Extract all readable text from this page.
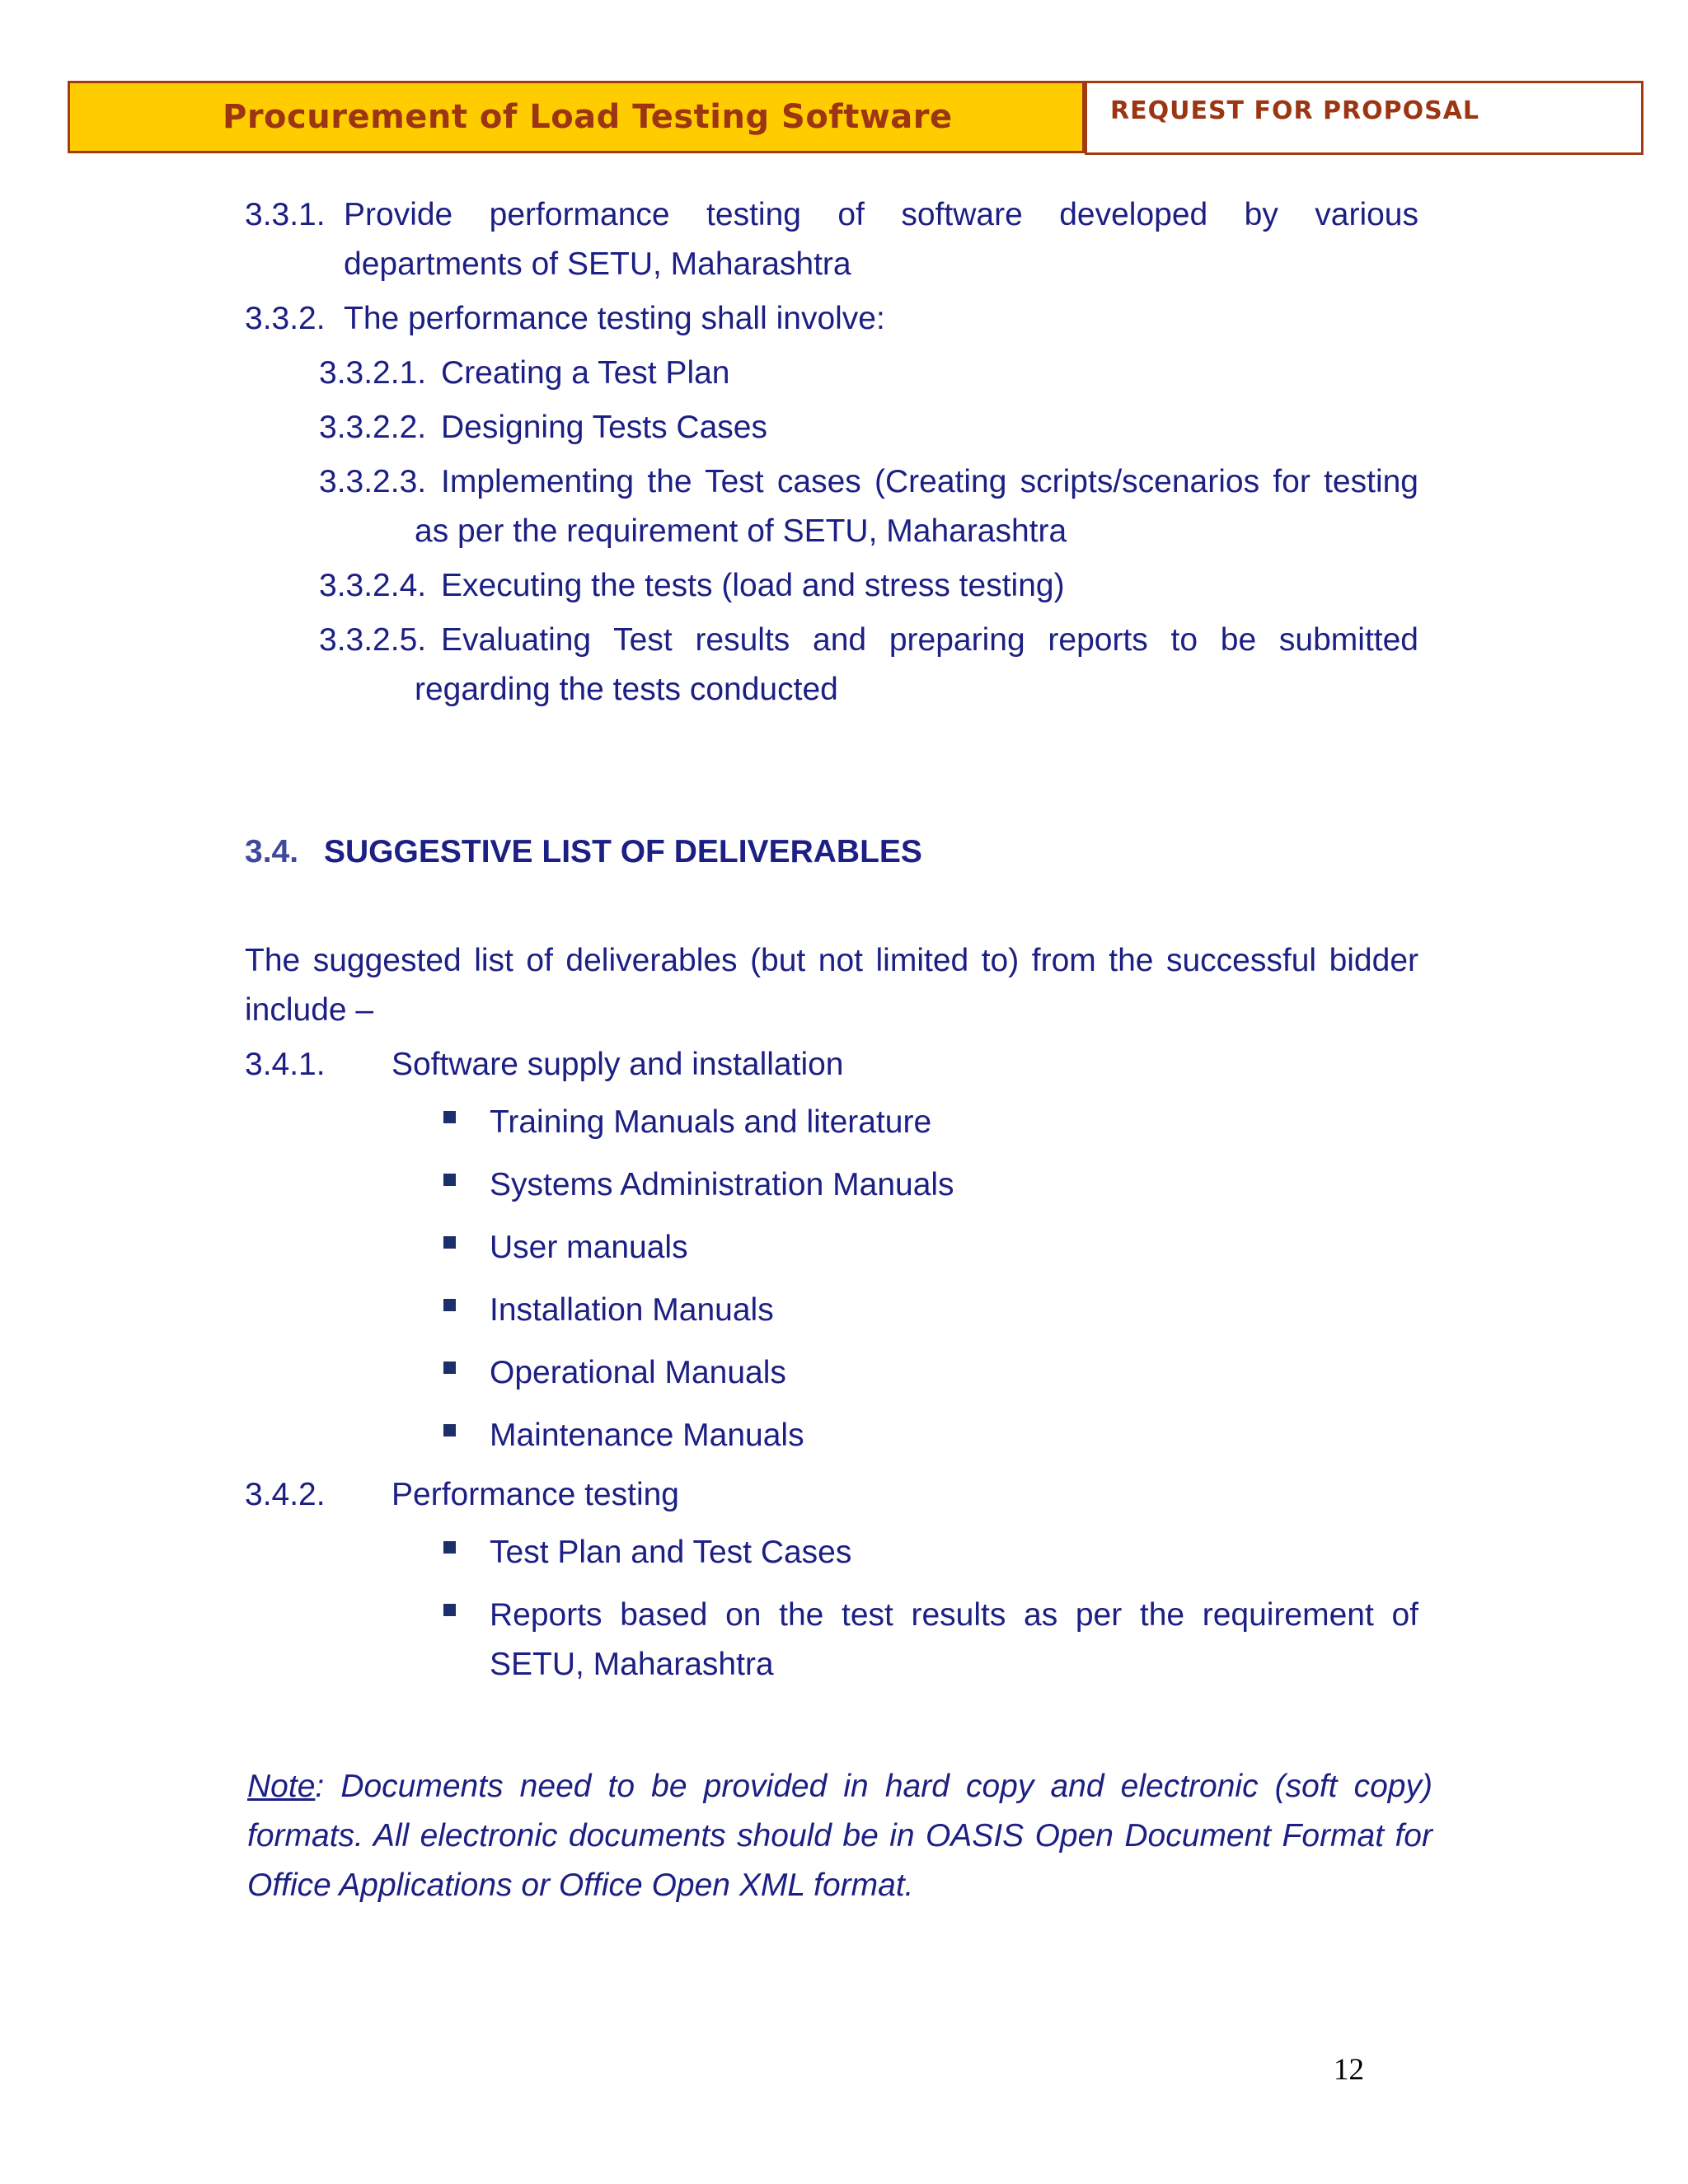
Procurement of Load Testing Software	REQUEST FOR PROPOSAL
3.3.1. Provide performance testing of software developed by various
departments of SETU, Maharashtra
3.3.2. The performance testing shall involve:
3.3.2.1. Creating a Test Plan
3.3.2.2. Designing Tests Cases
3.3.2.3. Implementing the Test cases (Creating scripts/scenarios for testing
as per the requirement of SETU, Maharashtra
3.3.2.4. Executing the tests (load and stress testing)
3.3.2.5. Evaluating Test results and preparing reports to be submitted
regarding the tests conducted
3.4. SUGGESTIVE LIST OF DELIVERABLES
The suggested list of deliverables (but not limited to) from the successful bidder
include –
3.4.1. Software supply and installation
Training Manuals and literature
Systems Administration Manuals
User manuals
Installation Manuals
Operational Manuals
Maintenance Manuals
3.4.2. Performance testing
Test Plan and Test Cases
Reports based on the test results as per the requirement of
SETU, Maharashtra
Note: Documents need to be provided in hard copy and electronic (soft copy) formats. All electronic documents should be in OASIS Open Document Format for Office Applications or Office Open XML format.
12
